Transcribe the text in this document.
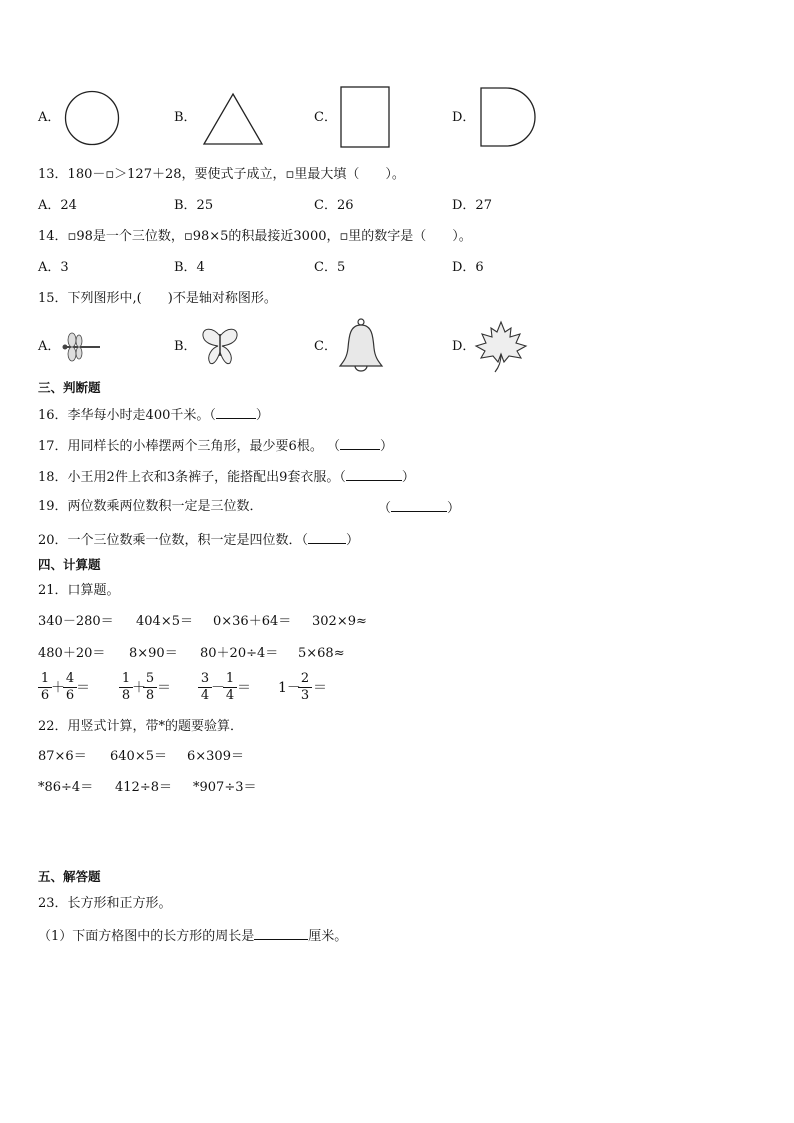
A．	B．	C．	D．
13．180－▫＞127＋28，要使式子成立，▫里最大填（　　）。
A．24	B．25	C．26	D．27
14．▫98是一个三位数，▫98×5的积最接近3000，▫里的数字是（　　）。
A．3	B．4	C．5	D．6
15．下列图形中,(　　)不是轴对称图形。
A．	B．	C．	D．
三、判断题
16．李华每小时走400千米。（	）
17．用同样长的小棒摆两个三角形，最少要6根。 （	）
18．小王用2件上衣和3条裤子，能搭配出9套衣服。（	）
19．两位数乘两位数积一定是三位数．	（	）
20．一个三位数乘一位数，积一定是四位数．（	）
四、计算题
21．口算题。
340－280＝ 404×5＝ 0×36＋64＝ 302×9≈
480＋20＝ 8×90＝ 80＋20÷4＝ 5×68≈
1
6 ＋
4
6 ＝
1
8 ＋
5
8 ＝
3
4 －
1
4 ＝ 1－
2
3 ＝
22．用竖式计算，带*的题要验算．
87×6＝ 640×5＝ 6×309＝
*86÷4＝ 412÷8＝ *907÷3＝
五、解答题
23．长方形和正方形。
（1）下面方格图中的长方形的周长是	厘米。
